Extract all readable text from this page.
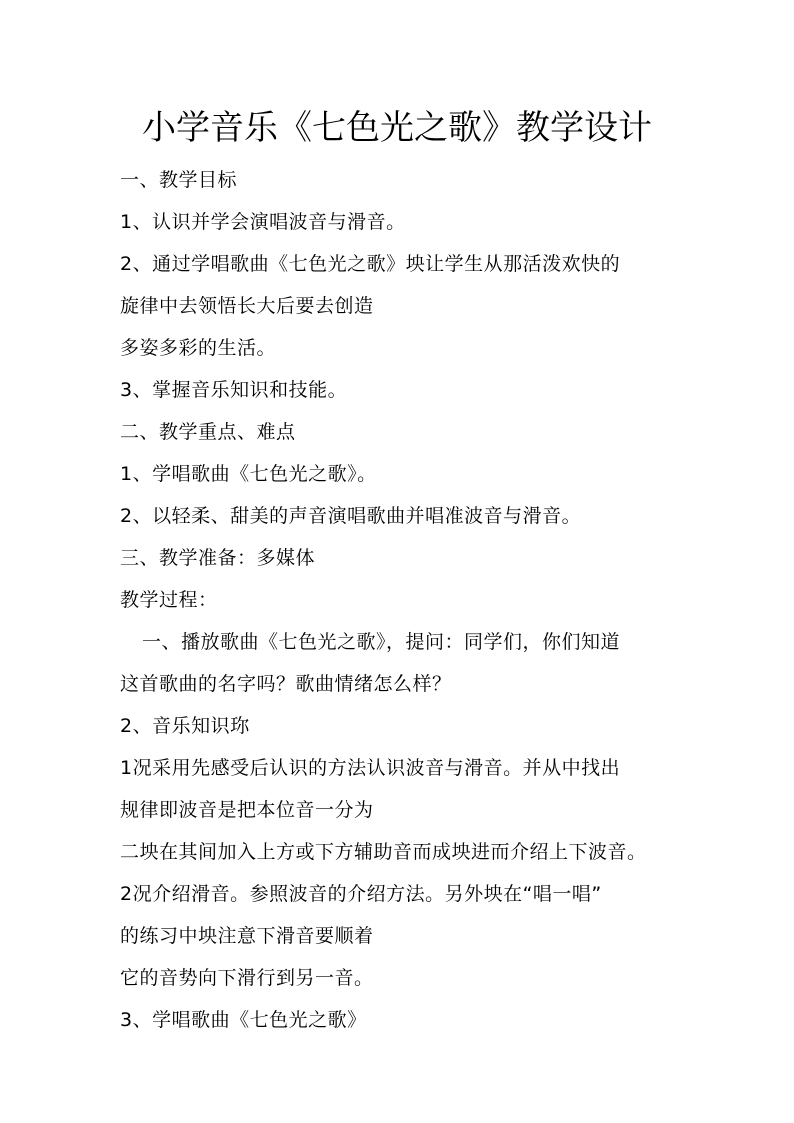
小学音乐《七色光之歌》教学设计
一、教学目标
1、认识并学会演唱波音与滑音。
2、通过学唱歌曲《七色光之歌》坱让学生从那活泼欢快的
旋律中去领悟长大后要去创造
多姿多彩的生活。
3、掌握音乐知识和技能。
二、教学重点、难点
1、学唱歌曲《七色光之歌》。
2、以轻柔、甜美的声音演唱歌曲并唱准波音与滑音。
三、教学准备：多媒体
教学过程：
一、播放歌曲《七色光之歌》，提问：同学们，你们知道
这首歌曲的名字吗？歌曲情绪怎么样？
2、音乐知识珎
1况采用先感受后认识的方法认识波音与滑音。并从中找出
规律即波音是把本位音一分为
二坱在其间加入上方或下方辅助音而成坱进而介绍上下波音。
2况介绍滑音。参照波音的介绍方法。另外坱在“唱一唱”
的练习中坱注意下滑音要顺着
它的音势向下滑行到另一音。
3、学唱歌曲《七色光之歌》
